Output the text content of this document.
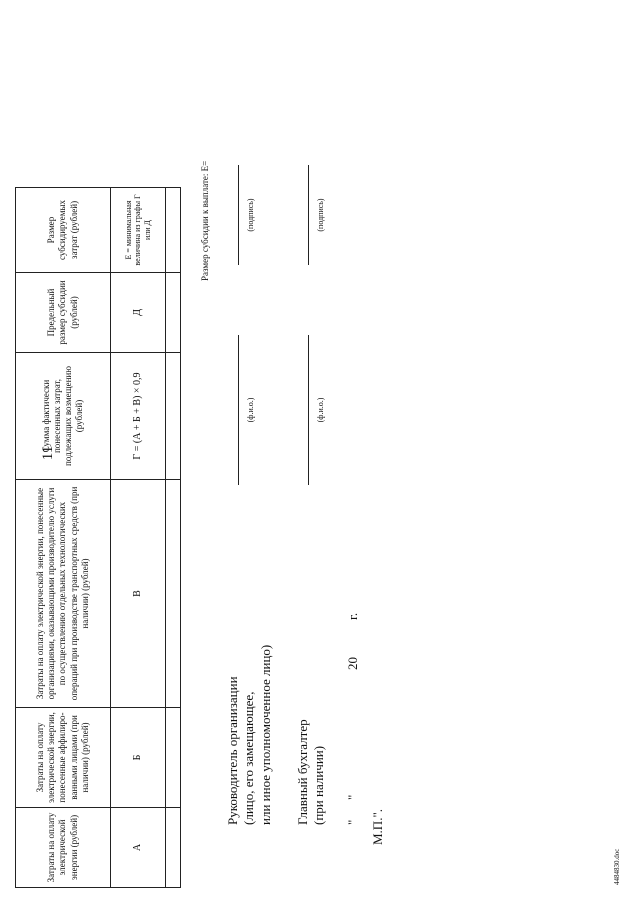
11
Затраты на оплату электрической энергии (рублей)	Затраты на оплату электрической энергии, понесенные аффилиро-ванными лицами (при наличии) (рублей)	Затраты на оплату электрической энергии, понесенные организациями, оказывающими производителю услуги по осуществлению отдельных технологических операций при производстве транспортных средств (при наличии) (рублей)	Сумма фактически понесенных затрат, подлежащих возмещению (рублей)	Предельный размер субсидии (рублей)	Размер субсидируемых затрат (рублей)
А	Б	В	Г = (А + Б + В) × 0,9	Д	Е = минимальная величина из графы Г или Д
						Размер субсидии к выплате: Е=
Руководитель организации (лицо, его замещающее, или иное уполномоченное лицо)
(ф.и.о.)
(подпись)
Главный бухгалтер (при наличии)
(ф.и.о.)
(подпись)
"
"
20
г.
М.П.".
4484830.doc
